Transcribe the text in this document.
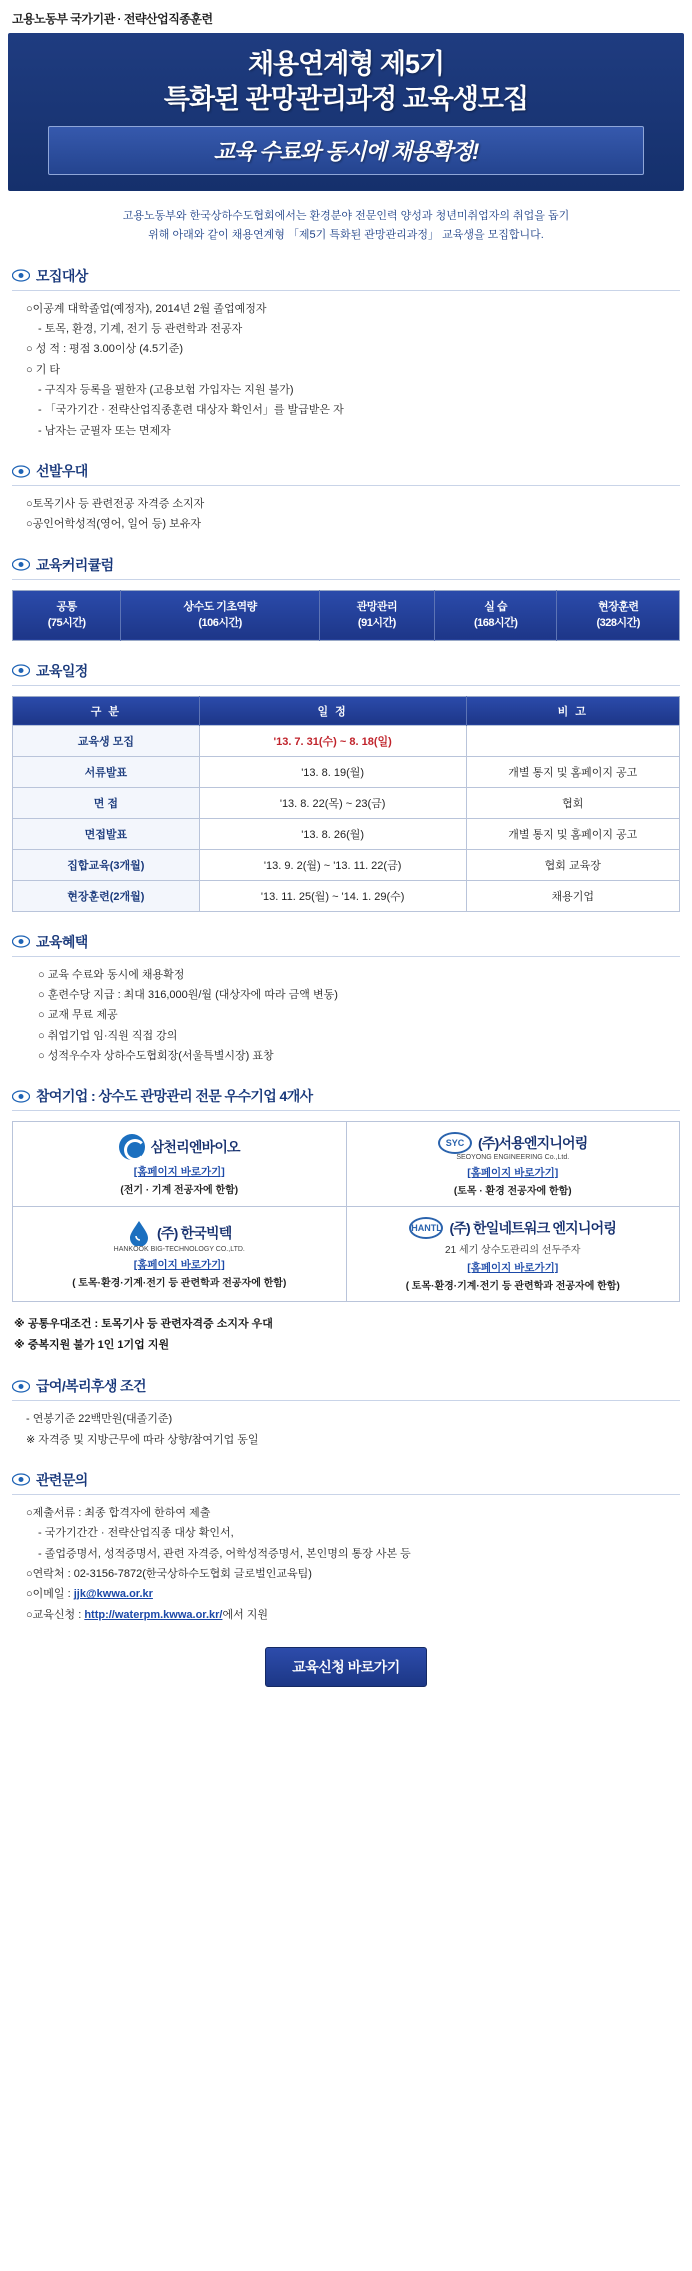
고용노동부 국가기관 · 전략산업직종훈련
채용연계형 제5기
특화된 관망관리과정 교육생모집
교육 수료와 동시에 채용확정!
고용노동부와 한국상하수도협회에서는 환경분야 전문인력 양성과 청년미취업자의 취업을 돕기
위해 아래와 같이 채용연계형 「제5기 특화된 관망관리과정」 교육생을 모집합니다.
모집대상
○이공계 대학졸업(예정자), 2014년 2월 졸업예정자
- 토목, 환경, 기계, 전기 등 관련학과 전공자
○ 성 적 : 평점 3.00이상 (4.5기준)
○ 기 타
- 구직자 등록을 필한자 (고용보험 가입자는 지원 불가)
- 「국가기간 · 전략산업직종훈련 대상자 확인서」를 발급받은 자
- 남자는 군필자 또는 면제자
선발우대
○토목기사 등 관련전공 자격증 소지자
○공인어학성적(영어, 일어 등) 보유자
교육커리큘럼
공통
(75시간)

상수도 기초역량
(106시간)

관망관리
(91시간)

실 습
(168시간)

현장훈련
(328시간)
교육일정
구 분	일 정	비 고
교육생 모집	'13. 7. 31(수) ~ 8. 18(일)	
서류발표	'13. 8. 19(월)	개별 통지 및 홈페이지 공고
면 접	'13. 8. 22(목) ~ 23(금)	협회
면접발표	'13. 8. 26(월)	개별 통지 및 홈페이지 공고
집합교육(3개월)	'13. 9. 2(월) ~ '13. 11. 22(금)	협회 교육장
현장훈련(2개월)	'13. 11. 25(월) ~ '14. 1. 29(수)	채용기업
교육혜택
○ 교육 수료와 동시에 채용확정
○ 훈련수당 지급 : 최대 316,000원/월 (대상자에 따라 금액 변동)
○ 교재 무료 제공
○ 취업기업 임·직원 직접 강의
○ 성적우수자 상하수도협회장(서울특별시장) 표창
참여기업 : 상수도 관망관리 전문 우수기업 4개사
삼천리엔바이오
[홈페이지 바로가기]
(전기 · 기계 전공자에 한함)

SYC (주)서용엔지니어링
SEOYONG ENGINEERING Co.,Ltd.
[홈페이지 바로가기]
(토목 · 환경 전공자에 한함)

(주) 한국빅텍
HANKOOK BIG-TECHNOLOGY CO.,LTD.
[홈페이지 바로가기]
( 토목·환경·기계·전기 등 관련학과 전공자에 한함)

HANTL (주) 한일네트워크 엔지니어링
21 세기 상수도관리의 선두주자
[홈페이지 바로가기]
( 토목·환경·기계·전기 등 관련학과 전공자에 한함)
※ 공통우대조건 : 토목기사 등 관련자격증 소지자 우대
※ 중복지원 불가 1인 1기업 지원
급여/복리후생 조건
- 연봉기준 22백만원(대졸기준)
※ 자격증 및 지방근무에 따라 상향/참여기업 동일
관련문의
○제출서류 : 최종 합격자에 한하여 제출
- 국가기간간 · 전략산업직종 대상 확인서,
- 졸업증명서, 성적증명서, 관련 자격증, 어학성적증명서, 본인명의 통장 사본 등
○연락처 : 02-3156-7872(한국상하수도협회 글로벌인교육팀)
○이메일 : jjk@kwwa.or.kr
○교육신청 : http://waterpm.kwwa.or.kr/에서 지원
교육신청 바로가기
